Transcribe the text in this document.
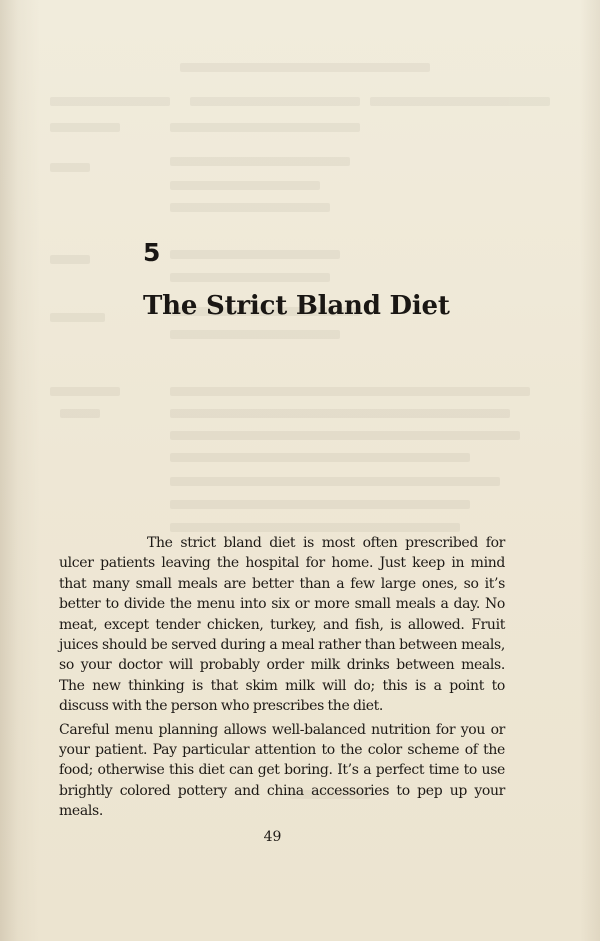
5
The Strict Bland Diet

The strict bland diet is most often prescribed for ulcer patients leaving the hospital for home. Just keep in mind that many small meals are better than a few large ones, so it’s better to divide the menu into six or more small meals a day. No meat, except tender chicken, turkey, and fish, is allowed. Fruit juices should be served during a meal rather than between meals, so your doctor will probably order milk drinks between meals. The new thinking is that skim milk will do; this is a point to discuss with the person who prescribes the diet.

Careful menu planning allows well-balanced nutrition for you or your patient. Pay particular attention to the color scheme of the food; otherwise this diet can get boring. It’s a perfect time to use brightly colored pottery and china accessories to pep up your meals.

49
